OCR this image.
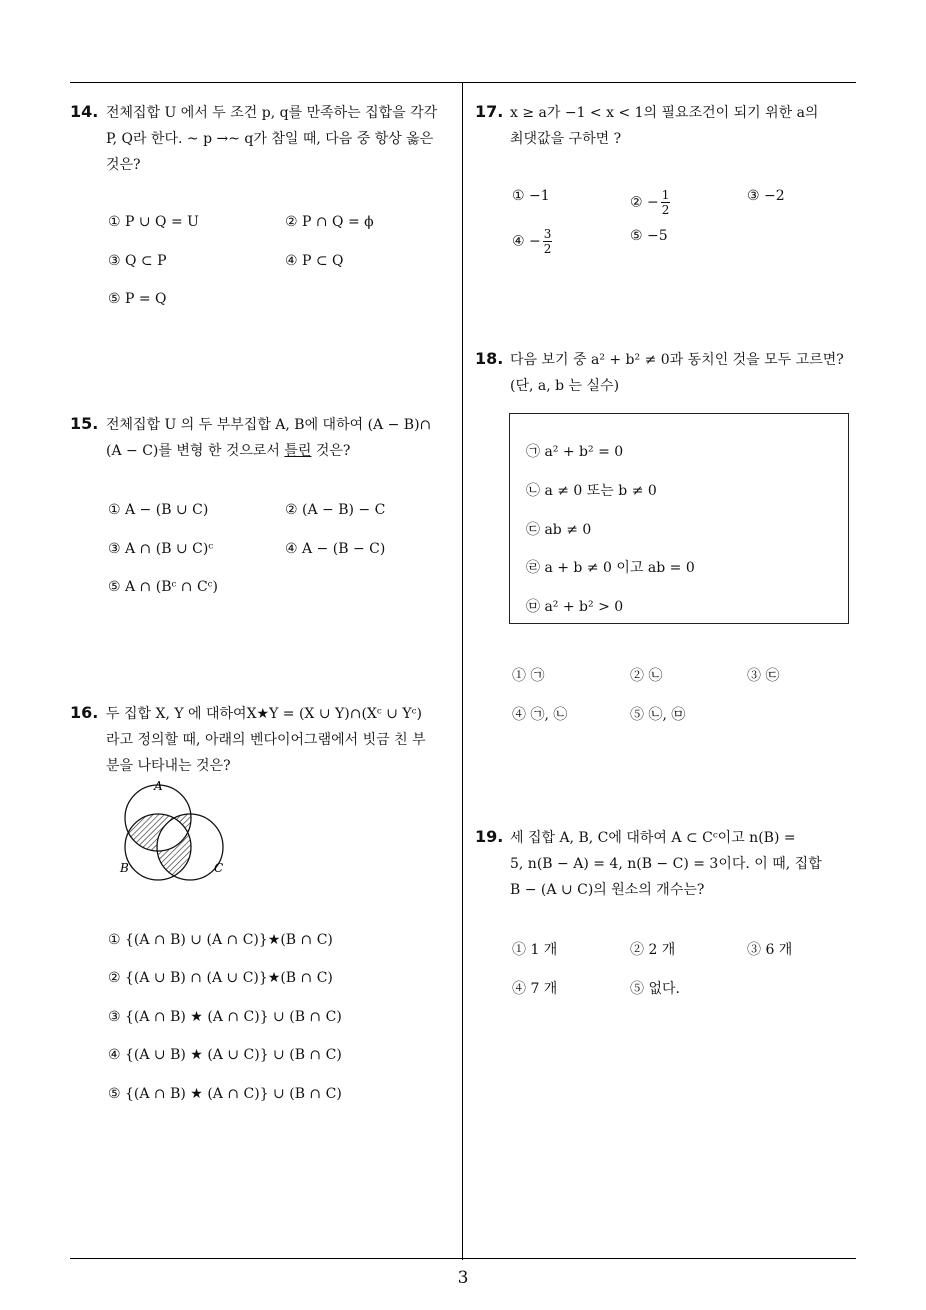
3
14. 전체집합 U 에서 두 조건 p, q를 만족하는 집합을 각각
P, Q라 한다. ~ p →~ q가 참일 때, 다음 중 항상 옳은
것은?
① P ∪ Q = U	② P ∩ Q = ϕ
③ Q ⊂ P	④ P ⊂ Q
⑤ P = Q
15. 전체집합 U 의 두 부부집합 A, B에 대하여 (A − B)∩
(A − C)를 변형 한 것으로서 틀린 것은?
① A − (B ∪ C)	② (A − B) − C
③ A ∩ (B ∪ C)ᶜ	④ A − (B − C)
⑤ A ∩ (Bᶜ ∩ Cᶜ)
16. 두 집합 X, Y 에 대하여X★Y = (X ∪ Y)∩(Xᶜ ∪ Yᶜ)
라고 정의할 때, 아래의 벤다이어그램에서 빗금 친 부
분을 나타내는 것은?
A
B	C
① {(A ∩ B) ∪ (A ∩ C)}★(B ∩ C)
② {(A ∪ B) ∩ (A ∪ C)}★(B ∩ C)
③ {(A ∩ B) ★ (A ∩ C)} ∪ (B ∩ C)
④ {(A ∪ B) ★ (A ∪ C)} ∪ (B ∩ C)
⑤ {(A ∩ B) ★ (A ∩ C)} ∪ (B ∩ C)
17. x ≥ a가 −1 < x < 1의 필요조건이 되기 위한 a의
최댓값을 구하면 ?
① −1	② − $\frac{1}{2}$	③ −2
④ − $\frac{3}{2}$	⑤ −5
18. 다음 보기 중 a² + b² ≠ 0과 동치인 것을 모두 고르면?
(단, a, b 는 실수)
㉠ a² + b² = 0
㉡ a ≠ 0 또는 b ≠ 0
㉢ ab ≠ 0
㉣ a + b ≠ 0 이고 ab = 0
㉤ a² + b² > 0
① ㉠	② ㉡	③ ㉢
④ ㉠, ㉡	⑤ ㉡, ㉤
19. 세 집합 A, B, C에 대하여 A ⊂ Cᶜ이고 n(B) =
5, n(B − A) = 4, n(B − C) = 3이다. 이 때, 집합
B − (A ∪ C)의 원소의 개수는?
① 1 개	② 2 개	③ 6 개
④ 7 개	⑤ 없다.
